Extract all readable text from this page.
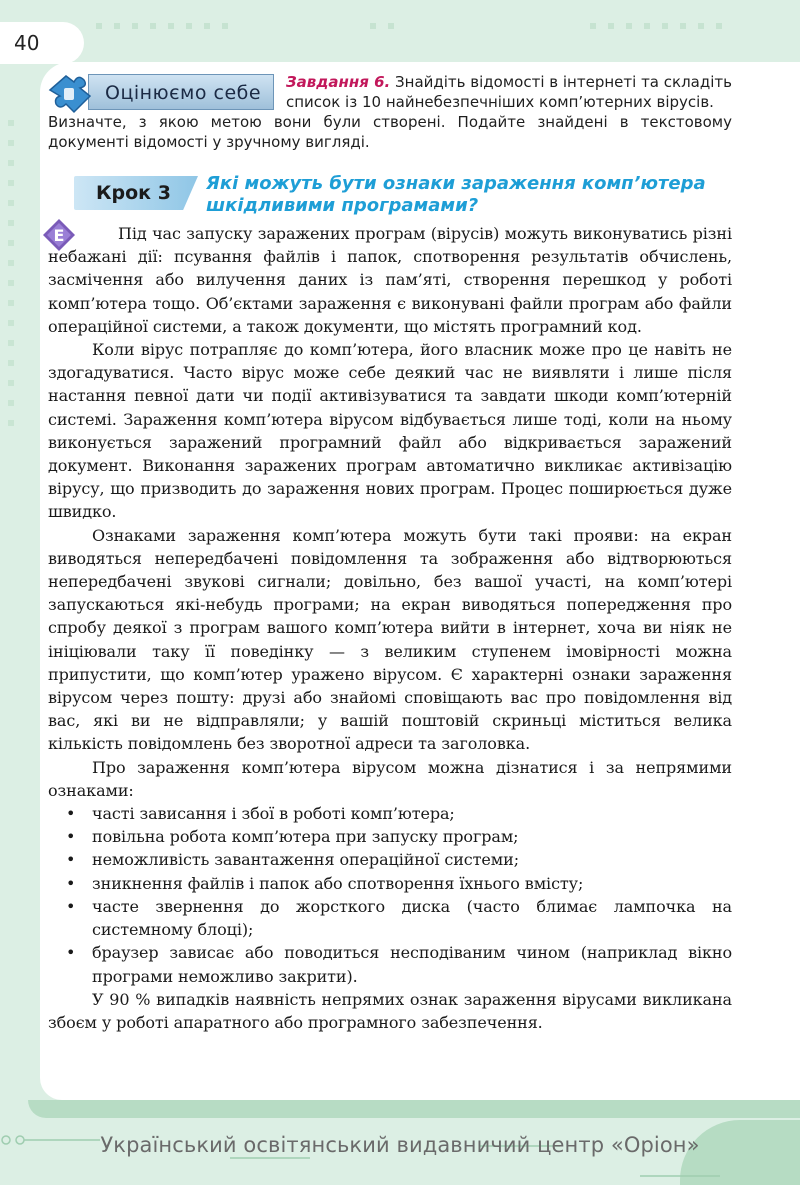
40
Оцінюємо себе	Завдання 6. Знайдіть відомості в інтернеті та складіть список із 10 найнебезпечніших комп’ютерних вірусів.
Визначте, з якою метою вони були створені. Подайте знайдені в текстовому документі відомості у зручному вигляді.
Крок 3 Які можуть бути ознаки зараження комп’ютера шкідливими програмами?
E	Під час запуску заражених програм (вірусів) можуть виконуватись різні небажані дії: псування файлів і папок, спотворення результатів обчислень, засмічення або вилучення даних із пам’яті, створення перешкод у роботі комп’ютера тощо. Об’єктами зараження є виконувані файли програм або файли операційної системи, а також документи, що містять програмний код.

Коли вірус потрапляє до комп’ютера, його власник може про це навіть не здогадуватися. Часто вірус може себе деякий час не виявляти і лише після настання певної дати чи події активізуватися та завдати шкоди комп’ютерній системі. Зараження комп’ютера вірусом відбувається лише тоді, коли на ньому виконується заражений програмний файл або відкривається заражений документ. Виконання заражених програм автоматично викликає активізацію вірусу, що призводить до зараження нових програм. Процес поширюється дуже швидко.

Ознаками зараження комп’ютера можуть бути такі прояви: на екран виводяться непередбачені повідомлення та зображення або відтворюються непередбачені звукові сигнали; довільно, без вашої участі, на комп’ютері запускаються які-небудь програми; на екран виводяться попередження про спробу деякої з програм вашого комп’ютера вийти в інтернет, хоча ви ніяк не ініціювали таку її поведінку — з великим ступенем імовірності можна припустити, що комп’ютер уражено вірусом. Є характерні ознаки зараження вірусом через пошту: друзі або знайомі сповіщають вас про повідомлення від вас, які ви не відправляли; у вашій поштовій скриньці міститься велика кількість повідомлень без зворотної адреси та заголовка.

Про зараження комп’ютера вірусом можна дізнатися і за непрямими ознаками:

• часті зависання і збої в роботі комп’ютера;
• повільна робота комп’ютера при запуску програм;
• неможливість завантаження операційної системи;
• зникнення файлів і папок або спотворення їхнього вмісту;
• часте звернення до жорсткого диска (часто блимає лампочка на системному блоці);
• браузер зависає або поводиться несподіваним чином (наприклад вікно програми неможливо закрити).

У 90 % випадків наявність непрямих ознак зараження вірусами викликана збоєм у роботі апаратного або програмного забезпечення.

Український освітянський видавничий центр «Оріон»
